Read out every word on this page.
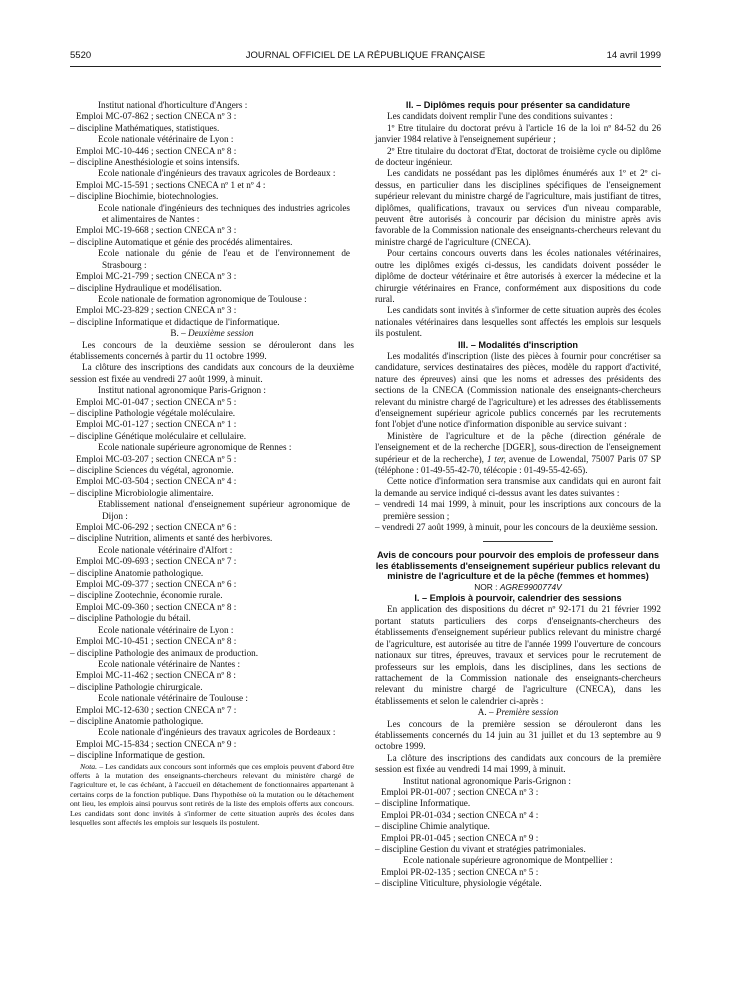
5520	JOURNAL OFFICIEL DE LA RÉPUBLIQUE FRANÇAISE	14 avril 1999

Institut national d'horticulture d'Angers :

Emploi MC-07-862 ; section CNECA nº 3 :

– discipline Mathématiques, statistiques.

Ecole nationale vétérinaire de Lyon :

Emploi MC-10-446 ; section CNECA nº 8 :

– discipline Anesthésiologie et soins intensifs.

Ecole nationale d'ingénieurs des travaux agricoles de Bordeaux :

Emploi MC-15-591 ; sections CNECA nº 1 et nº 4 :

– discipline Biochimie, biotechnologies.

Ecole nationale d'ingénieurs des techniques des industries agricoles et alimentaires de Nantes :

Emploi MC-19-668 ; section CNECA nº 3 :

– discipline Automatique et génie des procédés alimentaires.

Ecole nationale du génie de l'eau et de l'environnement de Strasbourg :

Emploi MC-21-799 ; section CNECA nº 3 :

– discipline Hydraulique et modélisation.

Ecole nationale de formation agronomique de Toulouse :

Emploi MC-23-829 ; section CNECA nº 3 :

– discipline Informatique et didactique de l'informatique.

B. – Deuxième session

Les concours de la deuxième session se dérouleront dans les établissements concernés à partir du 11 octobre 1999.

La clôture des inscriptions des candidats aux concours de la deuxième session est fixée au vendredi 27 août 1999, à minuit.

Institut national agronomique Paris-Grignon :

Emploi MC-01-047 ; section CNECA nº 5 :

– discipline Pathologie végétale moléculaire.

Emploi MC-01-127 ; section CNECA nº 1 :

– discipline Génétique moléculaire et cellulaire.

Ecole nationale supérieure agronomique de Rennes :

Emploi MC-03-207 ; section CNECA nº 5 :

– discipline Sciences du végétal, agronomie.

Emploi MC-03-504 ; section CNECA nº 4 :

– discipline Microbiologie alimentaire.

Etablissement national d'enseignement supérieur agronomique de Dijon :

Emploi MC-06-292 ; section CNECA nº 6 :

– discipline Nutrition, aliments et santé des herbivores.

Ecole nationale vétérinaire d'Alfort :

Emploi MC-09-693 ; section CNECA nº 7 :

– discipline Anatomie pathologique.

Emploi MC-09-377 ; section CNECA nº 6 :

– discipline Zootechnie, économie rurale.

Emploi MC-09-360 ; section CNECA nº 8 :

– discipline Pathologie du bétail.

Ecole nationale vétérinaire de Lyon :

Emploi MC-10-451 ; section CNECA nº 8 :

– discipline Pathologie des animaux de production.

Ecole nationale vétérinaire de Nantes :

Emploi MC-11-462 ; section CNECA nº 8 :

– discipline Pathologie chirurgicale.

Ecole nationale vétérinaire de Toulouse :

Emploi MC-12-630 ; section CNECA nº 7 :

– discipline Anatomie pathologique.

Ecole nationale d'ingénieurs des travaux agricoles de Bordeaux :

Emploi MC-15-834 ; section CNECA nº 9 :

– discipline Informatique de gestion.

Nota. – Les candidats aux concours sont informés que ces emplois peuvent d'abord être offerts à la mutation des enseignants-chercheurs relevant du ministère chargé de l'agriculture et, le cas échéant, à l'accueil en détachement de fonctionnaires appartenant à certains corps de la fonction publique. Dans l'hypothèse où la mutation ou le détachement ont lieu, les emplois ainsi pourvus sont retirés de la liste des emplois offerts aux concours. Les candidats sont donc invités à s'informer de cette situation auprès des écoles dans lesquelles sont affectés les emplois sur lesquels ils postulent.

II. – Diplômes requis pour présenter sa candidature

Les candidats doivent remplir l'une des conditions suivantes :

1º Etre titulaire du doctorat prévu à l'article 16 de la loi nº 84-52 du 26 janvier 1984 relative à l'enseignement supérieur ;

2º Etre titulaire du doctorat d'Etat, doctorat de troisième cycle ou diplôme de docteur ingénieur.

Les candidats ne possédant pas les diplômes énumérés aux 1º et 2º ci-dessus, en particulier dans les disciplines spécifiques de l'enseignement supérieur relevant du ministre chargé de l'agriculture, mais justifiant de titres, diplômes, qualifications, travaux ou services d'un niveau comparable, peuvent être autorisés à concourir par décision du ministre après avis favorable de la Commission nationale des enseignants-chercheurs relevant du ministre chargé de l'agriculture (CNECA).

Pour certains concours ouverts dans les écoles nationales vétérinaires, outre les diplômes exigés ci-dessus, les candidats doivent posséder le diplôme de docteur vétérinaire et être autorisés à exercer la médecine et la chirurgie vétérinaires en France, conformément aux dispositions du code rural.

Les candidats sont invités à s'informer de cette situation auprès des écoles nationales vétérinaires dans lesquelles sont affectés les emplois sur lesquels ils postulent.

III. – Modalités d'inscription

Les modalités d'inscription (liste des pièces à fournir pour concrétiser sa candidature, services destinataires des pièces, modèle du rapport d'activité, nature des épreuves) ainsi que les noms et adresses des présidents des sections de la CNECA (Commission nationale des enseignants-chercheurs relevant du ministre chargé de l'agriculture) et les adresses des établissements d'enseignement supérieur agricole publics concernés par les recrutements font l'objet d'une notice d'information disponible au service suivant :

Ministère de l'agriculture et de la pêche (direction générale de l'enseignement et de la recherche [DGER], sous-direction de l'enseignement supérieur et de la recherche), 1 ter, avenue de Lowendal, 75007 Paris 07 SP (téléphone : 01-49-55-42-70, télécopie : 01-49-55-42-65).

Cette notice d'information sera transmise aux candidats qui en auront fait la demande au service indiqué ci-dessus avant les dates suivantes :

– vendredi 14 mai 1999, à minuit, pour les inscriptions aux concours de la première session ;

– vendredi 27 août 1999, à minuit, pour les concours de la deuxième session.

Avis de concours pour pourvoir des emplois de professeur dans les établissements d'enseignement supérieur publics relevant du ministre de l'agriculture et de la pêche (femmes et hommes)

NOR : AGRE9900774V

I. – Emplois à pourvoir, calendrier des sessions

En application des dispositions du décret nº 92-171 du 21 février 1992 portant statuts particuliers des corps d'enseignants-chercheurs des établissements d'enseignement supérieur publics relevant du ministre chargé de l'agriculture, est autorisée au titre de l'année 1999 l'ouverture de concours nationaux sur titres, épreuves, travaux et services pour le recrutement de professeurs sur les emplois, dans les disciplines, dans les sections de rattachement de la Commission nationale des enseignants-chercheurs relevant du ministre chargé de l'agriculture (CNECA), dans les établissements et selon le calendrier ci-après :

A. – Première session

Les concours de la première session se dérouleront dans les établissements concernés du 14 juin au 31 juillet et du 13 septembre au 9 octobre 1999.

La clôture des inscriptions des candidats aux concours de la première session est fixée au vendredi 14 mai 1999, à minuit.

Institut national agronomique Paris-Grignon :

Emploi PR-01-007 ; section CNECA nº 3 :

– discipline Informatique.

Emploi PR-01-034 ; section CNECA nº 4 :

– discipline Chimie analytique.

Emploi PR-01-045 ; section CNECA nº 9 :

– discipline Gestion du vivant et stratégies patrimoniales.

Ecole nationale supérieure agronomique de Montpellier :

Emploi PR-02-135 ; section CNECA nº 5 :

– discipline Viticulture, physiologie végétale.
